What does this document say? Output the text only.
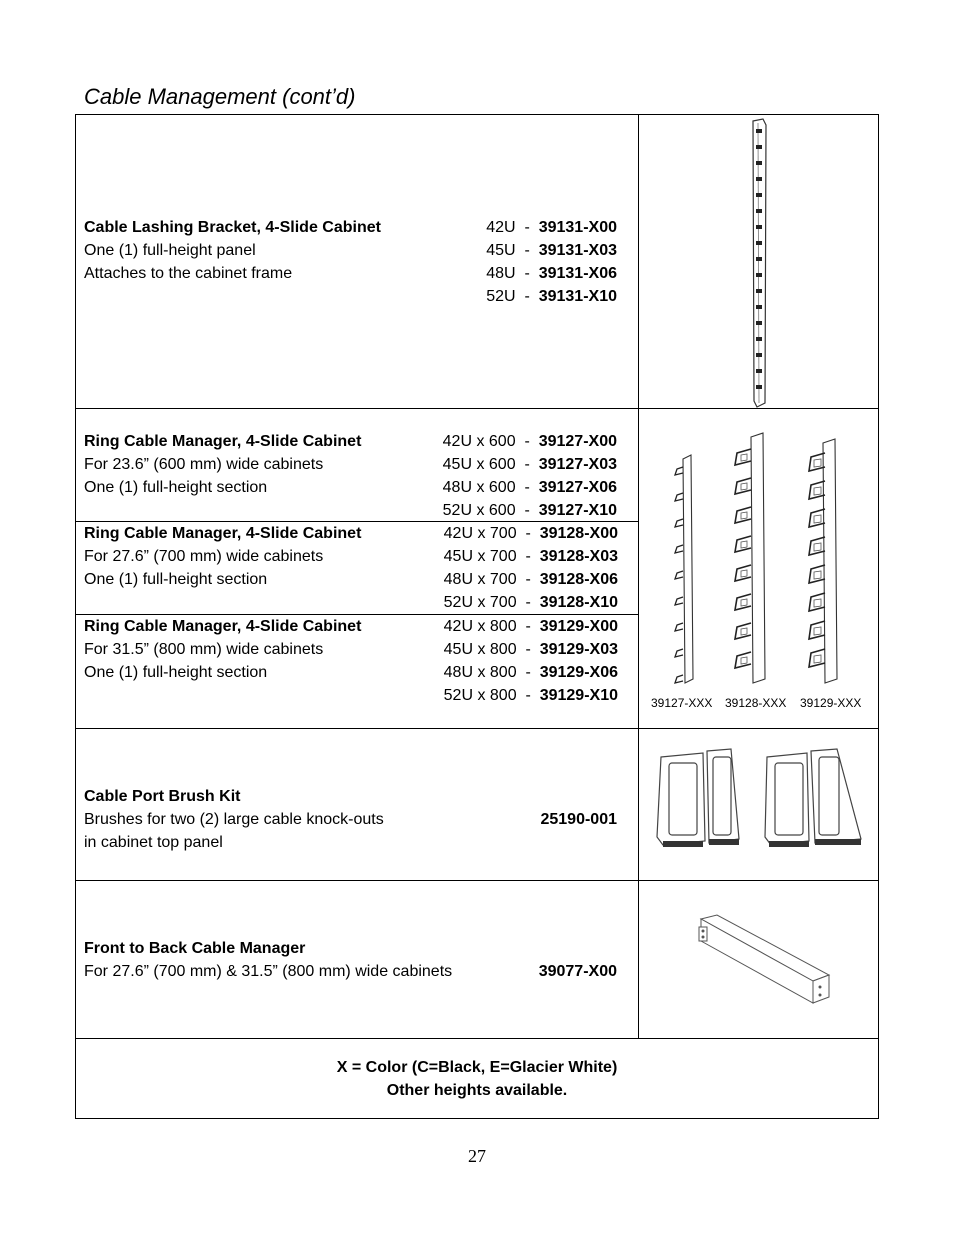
Cable Management (cont’d)
Cable Lashing Bracket, 4-Slide Cabinet
One (1) full-height panel
Attaches to the cabinet frame
42U  -  39131-X00
45U  -  39131-X03
48U  -  39131-X06
52U  -  39131-X10
Ring Cable Manager, 4-Slide Cabinet
For 23.6” (600 mm) wide cabinets
One (1) full-height section
42U x 600  -  39127-X00
45U x 600  -  39127-X03
48U x 600  -  39127-X06
52U x 600  -  39127-X10
Ring Cable Manager, 4-Slide Cabinet
For 27.6” (700 mm) wide cabinets
One (1) full-height section
42U x 700  -  39128-X00
45U x 700  -  39128-X03
48U x 700  -  39128-X06
52U x 700  -  39128-X10
Ring Cable Manager, 4-Slide Cabinet
For 31.5” (800 mm) wide cabinets
One (1) full-height section
42U x 800  -  39129-X00
45U x 800  -  39129-X03
48U x 800  -  39129-X06
52U x 800  -  39129-X10	39127-XXX 39128-XXX 39129-XXX
Cable Port Brush Kit
Brushes for two (2) large cable knock-outs
in cabinet top panel
25190-001
Front to Back Cable Manager
For 27.6” (700 mm) & 31.5” (800 mm) wide cabinets	39077-X00
X = Color (C=Black, E=Glacier White)
Other heights available.
27
